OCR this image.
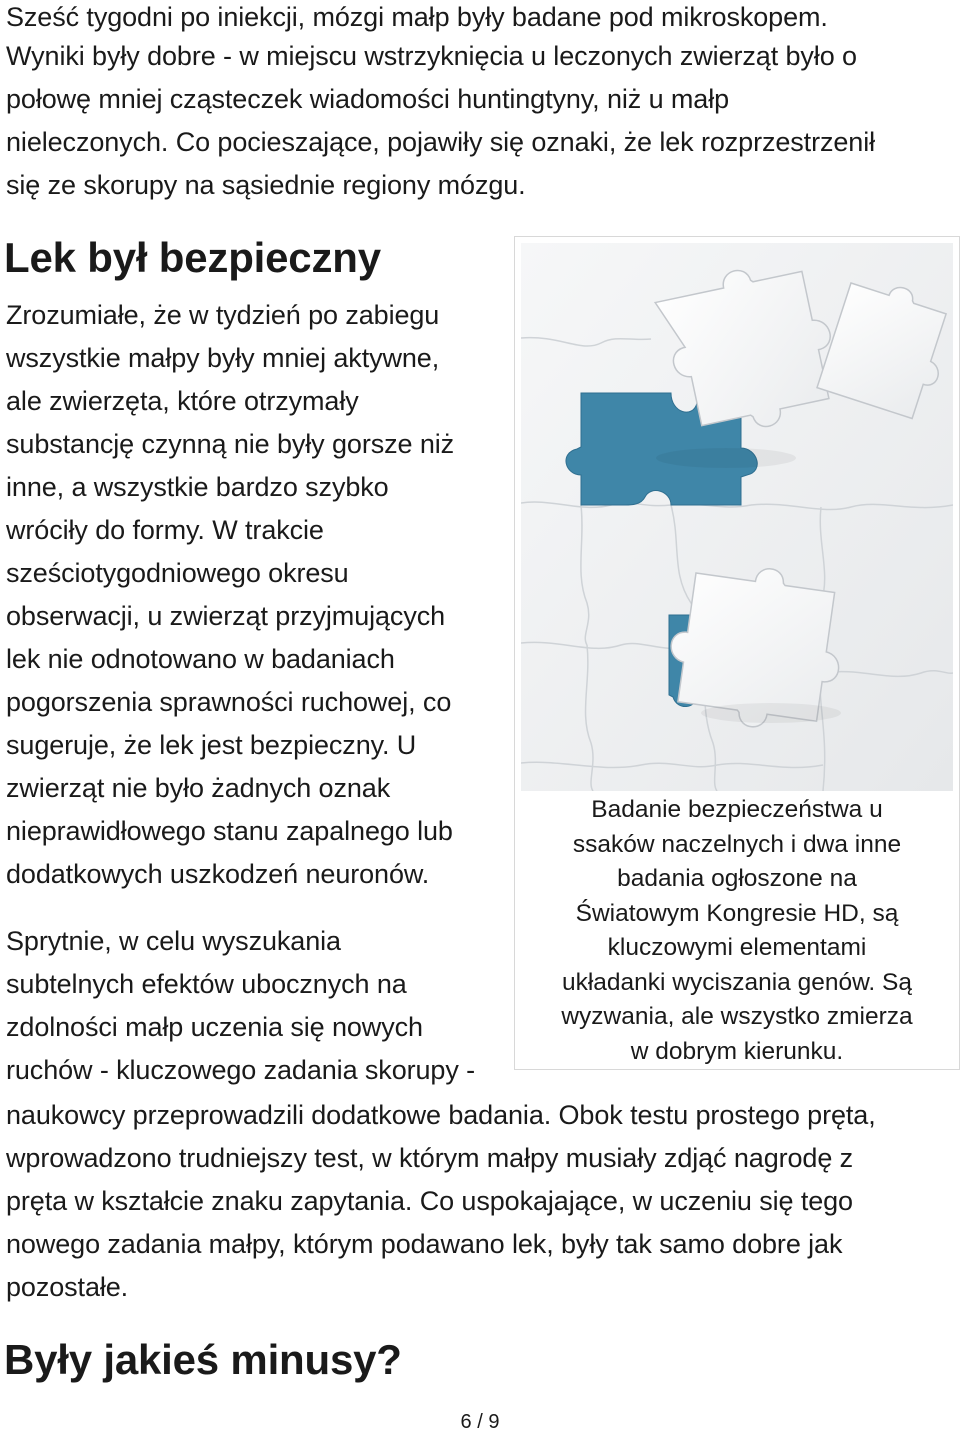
Sześć tygodni po iniekcji, mózgi małp były badane pod mikroskopem.
Wyniki były dobre - w miejscu wstrzyknięcia u leczonych zwierząt było o
połowę mniej cząsteczek wiadomości huntingtyny, niż u małp
nieleczonych. Co pocieszające, pojawiły się oznaki, że lek rozprzestrzenił
się ze skorupy na sąsiednie regiony mózgu.
Lek był bezpieczny
Zrozumiałe, że w tydzień po zabiegu
wszystkie małpy były mniej aktywne,
ale zwierzęta, które otrzymały
substancję czynną nie były gorsze niż
inne, a wszystkie bardzo szybko
wróciły do formy. W trakcie
sześciotygodniowego okresu
obserwacji, u zwierząt przyjmujących
lek nie odnotowano w badaniach
pogorszenia sprawności ruchowej, co
sugeruje, że lek jest bezpieczny. U
zwierząt nie było żadnych oznak
nieprawidłowego stanu zapalnego lub
dodatkowych uszkodzeń neuronów.
Sprytnie, w celu wyszukania
subtelnych efektów ubocznych na
zdolności małp uczenia się nowych
ruchów - kluczowego zadania skorupy -
naukowcy przeprowadzili dodatkowe badania. Obok testu prostego pręta,
wprowadzono trudniejszy test, w którym małpy musiały zdjąć nagrodę z
pręta w kształcie znaku zapytania. Co uspokajające, w uczeniu się tego
nowego zadania małpy, którym podawano lek, były tak samo dobre jak
pozostałe.
Badanie bezpieczeństwa u
ssaków naczelnych i dwa inne
badania ogłoszone na
Światowym Kongresie HD, są
kluczowymi elementami
układanki wyciszania genów. Są
wyzwania, ale wszystko zmierza
w dobrym kierunku.
Były jakieś minusy?
6 / 9
